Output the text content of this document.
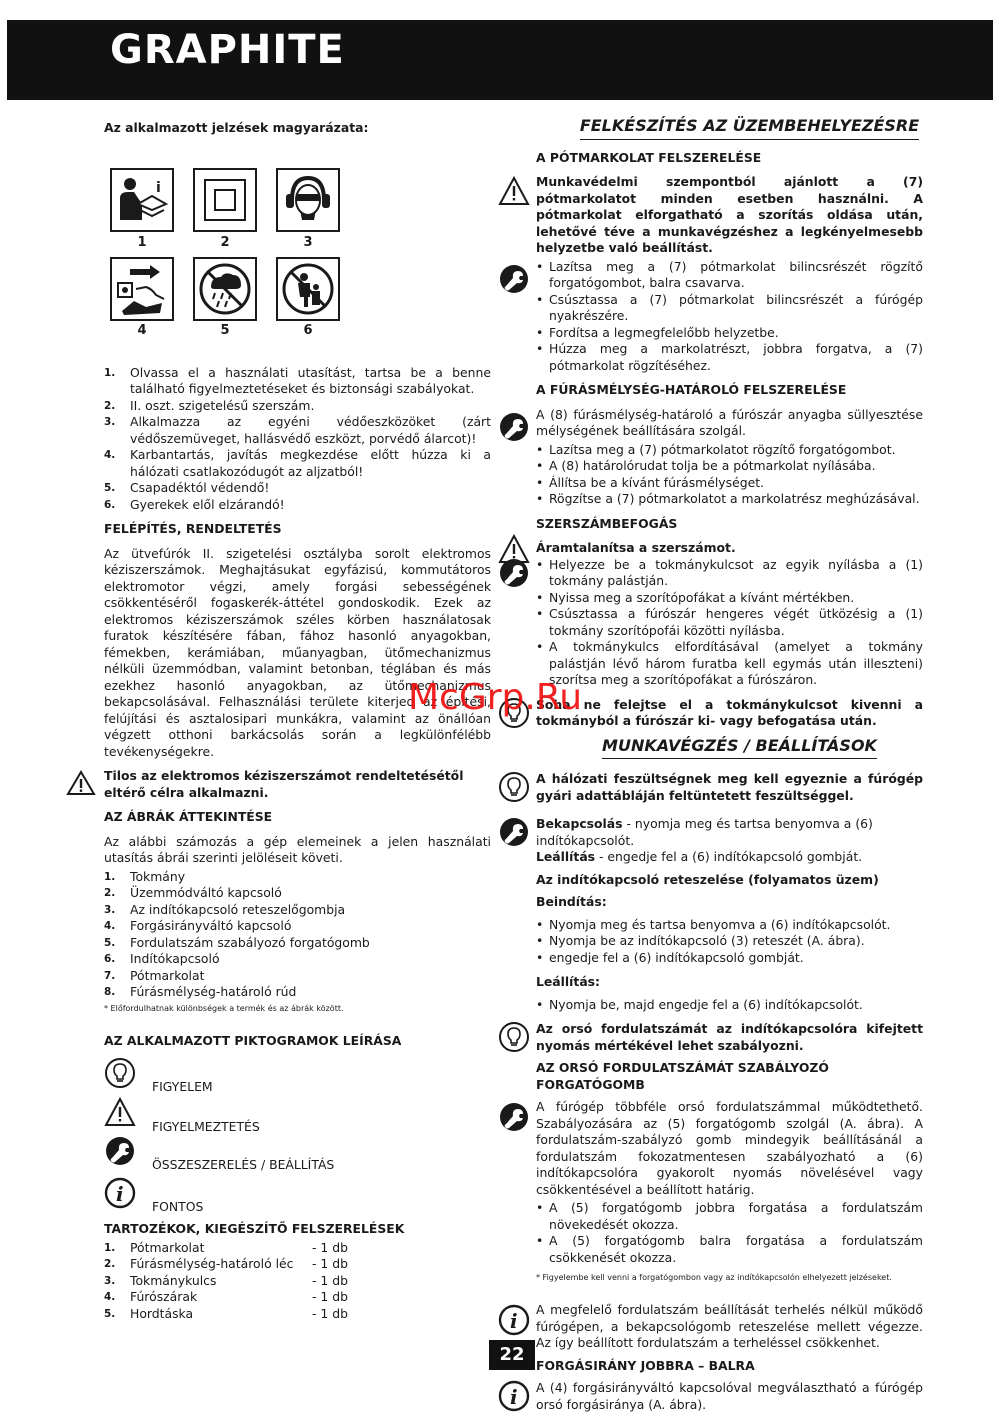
GRAPHITE
Az alkalmazott jelzések magyarázata:
i
1	2	3
4	5	6
1. Olvassa el a használati utasítást, tartsa be a benne található figyelmeztetéseket és biztonsági szabályokat.
2. II. oszt. szigetelésű szerszám.
3. Alkalmazza az egyéni védőeszközöket (zárt védőszemüveget, hallásvédő eszközt, porvédő álarcot)!
4. Karbantartás, javítás megkezdése előtt húzza ki a hálózati csatlakozódugót az aljzatból!
5. Csapadéktól védendő!
6. Gyerekek elől elzárandó!
FELÉPÍTÉS, RENDELTETÉS

Az ütvefúrók II. szigetelési osztályba sorolt elektromos kéziszerszámok. Meghajtásukat egyfázisú, kommutátoros elektromotor végzi, amely forgási sebességének csökkentéséről fogaskerék-áttétel gondoskodik. Ezek az elektromos kéziszerszámok széles körben használatosak furatok készítésére fában, fához hasonló anyagokban, fémekben, kerámiában, műanyagban, ütőmechanizmus nélküli üzemmódban, valamint betonban, téglában és más ezekhez hasonló anyagokban, az ütőmechanizmus bekapcsolásával. Felhasználási területe kiterjed az építési, felújítási és asztalosipari munkákra, valamint az önállóan végzett otthoni barkácsolás során a legkülönfélébb tevékenységekre.

Tilos az elektromos kéziszerszámot rendeltetésétől eltérő célra alkalmazni.
AZ ÁBRÁK ÁTTEKINTÉSE

Az alábbi számozás a gép elemeinek a jelen használati utasítás ábrái szerinti jelöléseit követi.

1. Tokmány
2. Üzemmódváltó kapcsoló
3. Az indítókapcsoló reteszelőgombja
4. Forgásirányváltó kapcsoló
5. Fordulatszám szabályozó forgatógomb
6. Indítókapcsoló
7. Pótmarkolat
8. Fúrásmélység-határoló rúd
* Előfordulhatnak különbségek a termék és az ábrák között.
AZ ALKALMAZOTT PIKTOGRAMOK LEÍRÁSA
FIGYELEM
FIGYELMEZTETÉS
ÖSSZESZERELÉS / BEÁLLÍTÁS
i
FONTOS
TARTOZÉKOK, KIEGÉSZÍTŐ FELSZERELÉSEK
1.	Pótmarkolat	- 1 db
2.	Fúrásmélység-határoló léc	- 1 db
3.	Tokmánykulcs	- 1 db
4.	Fúrószárak	- 1 db
5.	Hordtáska	- 1 db
FELKÉSZÍTÉS AZ ÜZEMBEHELYEZÉSRE
A PÓTMARKOLAT FELSZERELÉSE

Munkavédelmi szempontból ajánlott a (7) pótmarkolatot minden esetben használni. A pótmarkolat elforgatható a szorítás oldása után, lehetővé téve a munkavégzéshez a legkényelmesebb helyzetbe való beállítást.

• Lazítsa meg a (7) pótmarkolat bilincsrészét rögzítő forgatógombot, balra csavarva.
• Csúsztassa a (7) pótmarkolat bilincsrészét a fúrógép nyakrészére.
• Fordítsa a legmegfelelőbb helyzetbe.
• Húzza meg a markolatrészt, jobbra forgatva, a (7) pótmarkolat rögzítéséhez.
A FÚRÁSMÉLYSÉG-HATÁROLÓ FELSZERELÉSE

A (8) fúrásmélység-határoló a fúrószár anyagba süllyesztése mélységének beállítására szolgál.

• Lazítsa meg a (7) pótmarkolatot rögzítő forgatógombot.
• A (8) határolórudat tolja be a pótmarkolat nyílásába.
• Állítsa be a kívánt fúrásmélységet.
• Rögzítse a (7) pótmarkolatot a markolatrész meghúzásával.
SZERSZÁMBEFOGÁS
Áramtalanítsa a szerszámot.
• Helyezze be a tokmánykulcsot az egyik nyílásba a (1) tokmány palástján.
• Nyissa meg a szorítópofákat a kívánt mértékben.
• Csúsztassa a fúrószár hengeres végét ütközésig a (1) tokmány szorítópofái közötti nyílásba.
• A tokmánykulcs elfordításával (amelyet a tokmány palástján lévő három furatba kell egymás után illeszteni) szorítsa meg a szorítópofákat a fúrószáron.

Soha ne felejtse el a tokmánykulcsot kivenni a tokmányból a fúrószár ki- vagy befogatása után.

MUNKAVÉGZÉS / BEÁLLÍTÁSOK

A hálózati feszültségnek meg kell egyeznie a fúrógép gyári adattábláján feltüntetett feszültséggel.

Bekapcsolás - nyomja meg és tartsa benyomva a (6) indítókapcsolót.
Leállítás - engedje fel a (6) indítókapcsoló gombját.
Az indítókapcsoló reteszelése (folyamatos üzem)
Beindítás:
• Nyomja meg és tartsa benyomva a (6) indítókapcsolót.
• Nyomja be az indítókapcsoló (3) reteszét (A. ábra).
• engedje fel a (6) indítókapcsoló gombját.
Leállítás:
• Nyomja be, majd engedje fel a (6) indítókapcsolót.

Az orsó fordulatszámát az indítókapcsolóra kifejtett nyomás mértékével lehet szabályozni.

AZ ORSÓ FORDULATSZÁMÁT SZABÁLYOZÓ FORGATÓGOMB

A fúrógép többféle orsó fordulatszámmal működtethető. Szabályozására az (5) forgatógomb szolgál (A. ábra). A fordulatszám-szabályzó gomb mindegyik beállításánál a fordulatszám fokozatmentesen szabályozható a (6) indítókapcsolóra gyakorolt nyomás növelésével vagy csökkentésével a beállított határig.

• A (5) forgatógomb jobbra forgatása a fordulatszám növekedését okozza.
• A (5) forgatógomb balra forgatása a fordulatszám csökkenését okozza.
* Figyelembe kell venni a forgatógombon vagy az indítókapcsolón elhelyezett jelzéseket.
i A megfelelő fordulatszám beállítását terhelés nélkül működő fúrógépen, a bekapcsológomb reteszelése mellett végezze. Az így beállított fordulatszám a terheléssel csökkenhet.

FORGÁSIRÁNY JOBBRA – BALRA
i A (4) forgásirányváltó kapcsolóval megválasztható a fúrógép orsó forgásiránya (A. ábra).

McGrp.Ru
22
